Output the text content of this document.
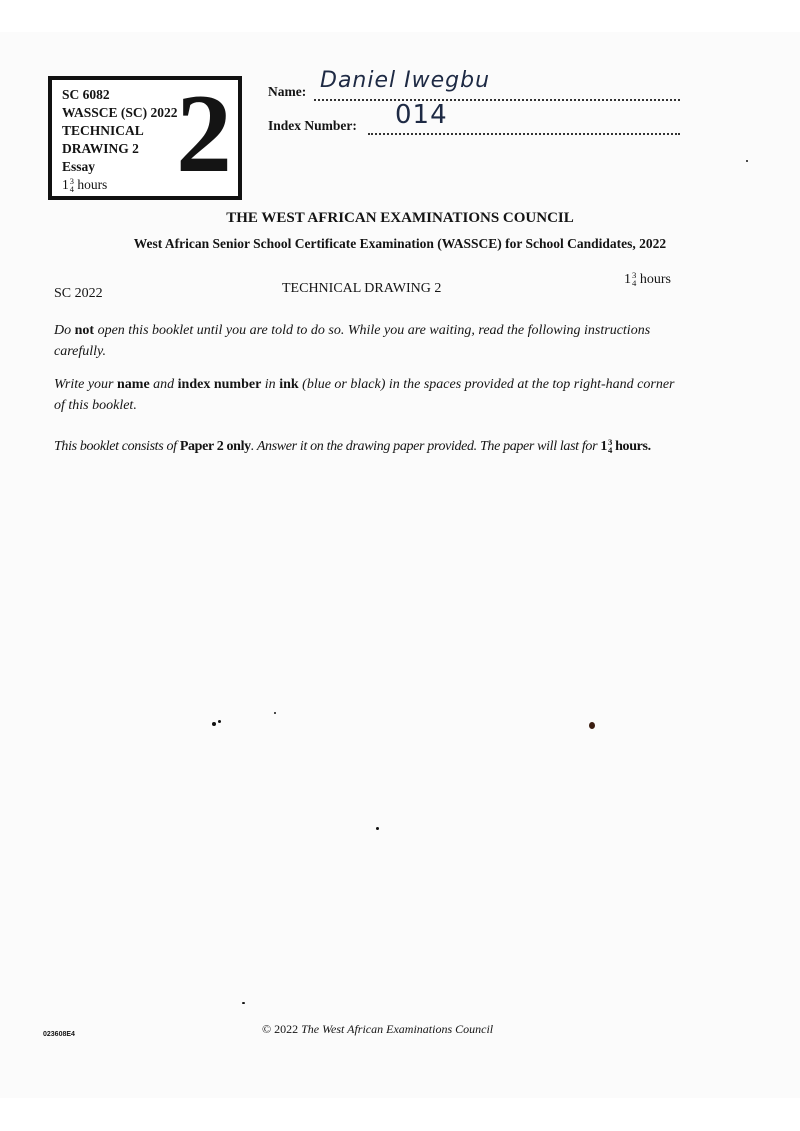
SC 6082
WASSCE (SC) 2022
TECHNICAL
DRAWING 2
Essay
1 3
4 hours 2	Name: Daniel Iwegbu
Index Number:	014
THE WEST AFRICAN EXAMINATIONS COUNCIL
West African Senior School Certificate Examination (WASSCE) for School Candidates, 2022
SC 2022	TECHNICAL DRAWING 2
1 3
4 hours
Do not open this booklet until you are told to do so. While you are waiting, read the following instructions carefully.
Write your name and index number in ink (blue or black) in the spaces provided at the top right-hand corner of this booklet.
This booklet consists of Paper 2 only. Answer it on the drawing paper provided. The paper will last for 1 3
4 hours.
023608E4	© 2022 The West African Examinations Council
